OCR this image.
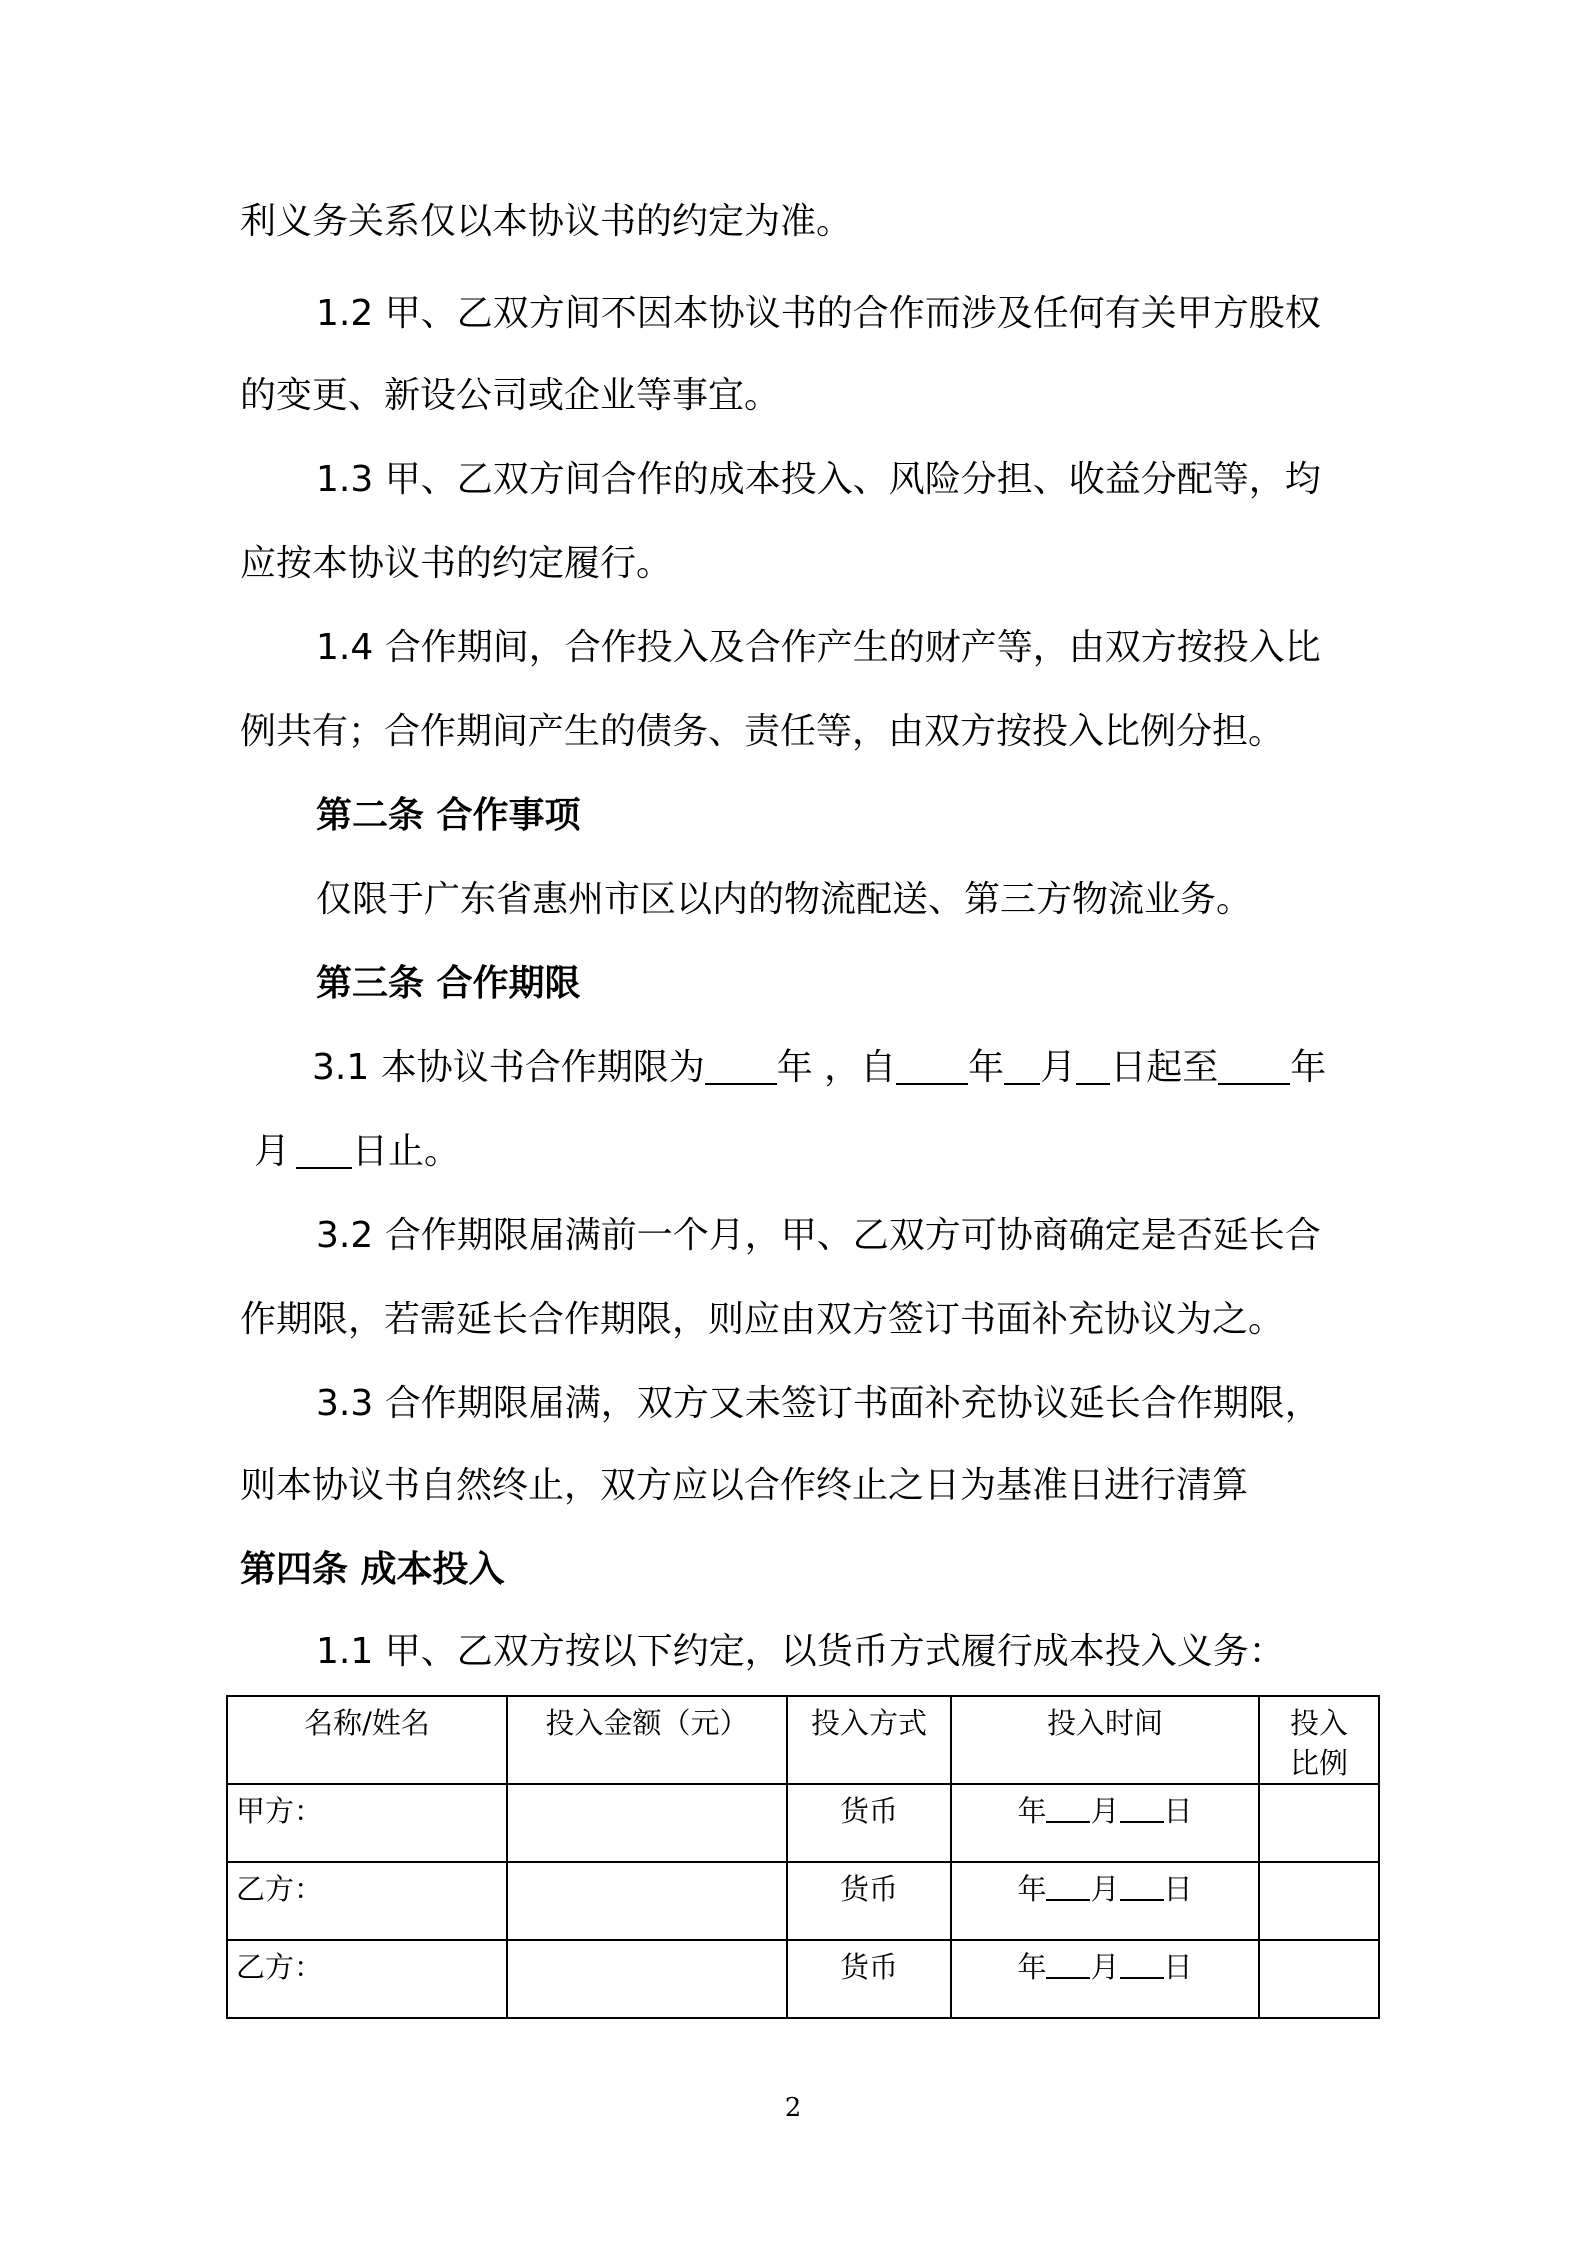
利义务关系仅以本协议书的约定为准。
1.2 甲、乙双方间不因本协议书的合作而涉及任何有关甲方股权
的变更、新设公司或企业等事宜。
1.3 甲、乙双方间合作的成本投入、风险分担、收益分配等，均
应按本协议书的约定履行。
1.4 合作期间，合作投入及合作产生的财产等，由双方按投入比
例共有；合作期间产生的债务、责任等，由双方按投入比例分担。
第二条 合作事项
仅限于广东省惠州市区以内的物流配送、第三方物流业务。
第三条 合作期限
3.1 本协议书合作期限为 年 ，自 年 月 日起至 年
月 日止。
3.2 合作期限届满前一个月，甲、乙双方可协商确定是否延长合
作期限，若需延长合作期限，则应由双方签订书面补充协议为之。
3.3 合作期限届满，双方又未签订书面补充协议延长合作期限，
则本协议书自然终止，双方应以合作终止之日为基准日进行清算
第四条 成本投入
1.1 甲、乙双方按以下约定，以货币方式履行成本投入义务：
名称/姓名	投入金额（元）	投入方式	投入时间	投入比例
甲方：		货币	年 月 日	
乙方：		货币	年 月 日	
乙方：		货币	年 月 日	
2
